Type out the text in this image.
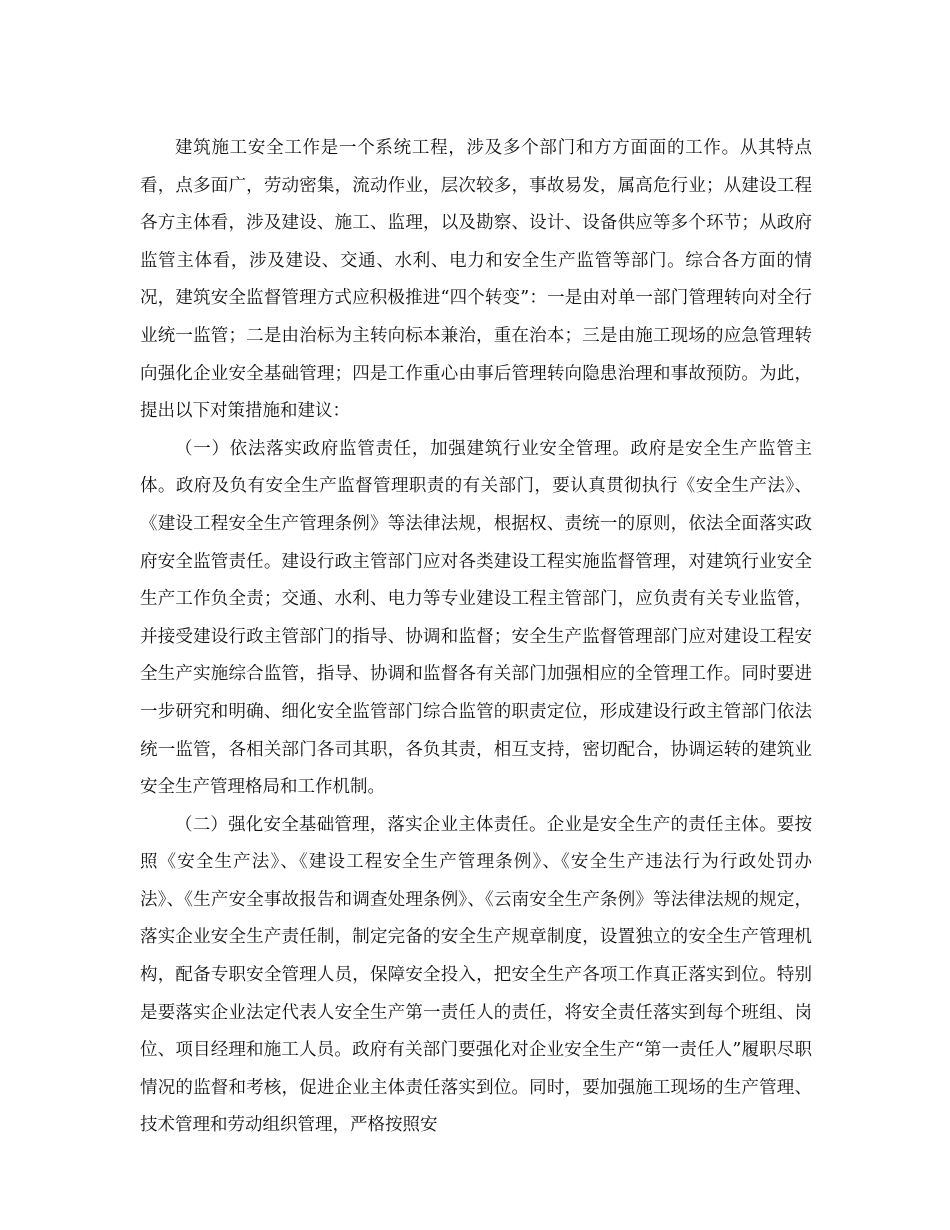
建筑施工安全工作是一个系统工程，涉及多个部门和方方面面的工作。从其特点看，点多面广，劳动密集，流动作业，层次较多，事故易发，属高危行业；从建设工程各方主体看，涉及建设、施工、监理，以及勘察、设计、设备供应等多个环节；从政府监管主体看，涉及建设、交通、水利、电力和安全生产监管等部门。综合各方面的情况，建筑安全监督管理方式应积极推进“四个转变”：一是由对单一部门管理转向对全行业统一监管；二是由治标为主转向标本兼治，重在治本；三是由施工现场的应急管理转向强化企业安全基础管理；四是工作重心由事后管理转向隐患治理和事故预防。为此，提出以下对策措施和建议：

（一）依法落实政府监管责任，加强建筑行业安全管理。政府是安全生产监管主体。政府及负有安全生产监督管理职责的有关部门，要认真贯彻执行《安全生产法》、《建设工程安全生产管理条例》等法律法规，根据权、责统一的原则，依法全面落实政府安全监管责任。建设行政主管部门应对各类建设工程实施监督管理，对建筑行业安全生产工作负全责；交通、水利、电力等专业建设工程主管部门，应负责有关专业监管，并接受建设行政主管部门的指导、协调和监督；安全生产监督管理部门应对建设工程安全生产实施综合监管，指导、协调和监督各有关部门加强相应的全管理工作。同时要进一步研究和明确、细化安全监管部门综合监管的职责定位，形成建设行政主管部门依法统一监管，各相关部门各司其职，各负其责，相互支持，密切配合，协调运转的建筑业安全生产管理格局和工作机制。

（二）强化安全基础管理，落实企业主体责任。企业是安全生产的责任主体。要按照《安全生产法》、《建设工程安全生产管理条例》、《安全生产违法行为行政处罚办法》、《生产安全事故报告和调查处理条例》、《云南安全生产条例》等法律法规的规定，落实企业安全生产责任制，制定完备的安全生产规章制度，设置独立的安全生产管理机构，配备专职安全管理人员，保障安全投入，把安全生产各项工作真正落实到位。特别是要落实企业法定代表人安全生产第一责任人的责任，将安全责任落实到每个班组、岗位、项目经理和施工人员。政府有关部门要强化对企业安全生产“第一责任人”履职尽职情况的监督和考核，促进企业主体责任落实到位。同时，要加强施工现场的生产管理、技术管理和劳动组织管理，严格按照安
